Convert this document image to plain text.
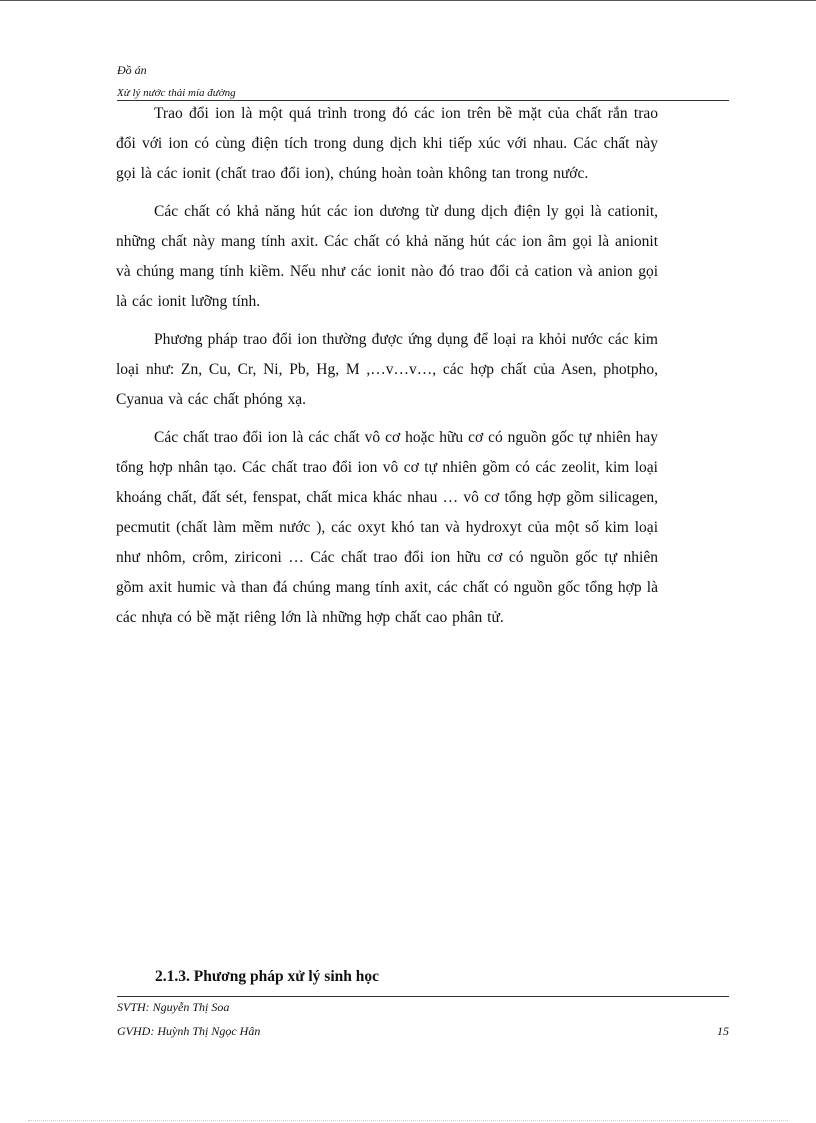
Đồ án
Xử lý nước thải mía đường

Trao đổi ion là một quá trình trong đó các ion trên bề mặt của chất rắn trao đổi với ion có cùng điện tích trong dung dịch khi tiếp xúc với nhau. Các chất này gọi là các ionit (chất trao đổi ion), chúng hoàn toàn không tan trong nước.

Các chất có khả năng hút các ion dương từ dung dịch điện ly gọi là cationit, những chất này mang tính axit. Các chất có khả năng hút các ion âm gọi là anionit và chúng mang tính kiềm. Nếu như các ionit nào đó trao đổi cả cation và anion gọi là các ionit lưỡng tính.

Phương pháp trao đổi ion thường được ứng dụng để loại ra khỏi nước các kim loại như: Zn, Cu, Cr, Ni, Pb, Hg, M ,…v…v…, các hợp chất của Asen, photpho, Cyanua và các chất phóng xạ.

Các chất trao đổi ion là các chất vô cơ hoặc hữu cơ có nguồn gốc tự nhiên hay tổng hợp nhân tạo. Các chất trao đổi ion vô cơ tự nhiên gồm có các zeolit, kim loại khoáng chất, đất sét, fenspat, chất mica khác nhau … vô cơ tổng hợp gồm silicagen, pecmutit (chất làm mềm nước ), các oxyt khó tan và hydroxyt của một số kim loại như nhôm, crôm, ziriconi … Các chất trao đổi ion hữu cơ có nguồn gốc tự nhiên gồm axit humic và than đá chúng mang tính axit, các chất có nguồn gốc tổng hợp là các nhựa có bề mặt riêng lớn là những hợp chất cao phân tử.

2.1.3. Phương pháp xử lý sinh học
SVTH: Nguyễn Thị Soa
GVHD: Huỳnh Thị Ngọc Hân	15
